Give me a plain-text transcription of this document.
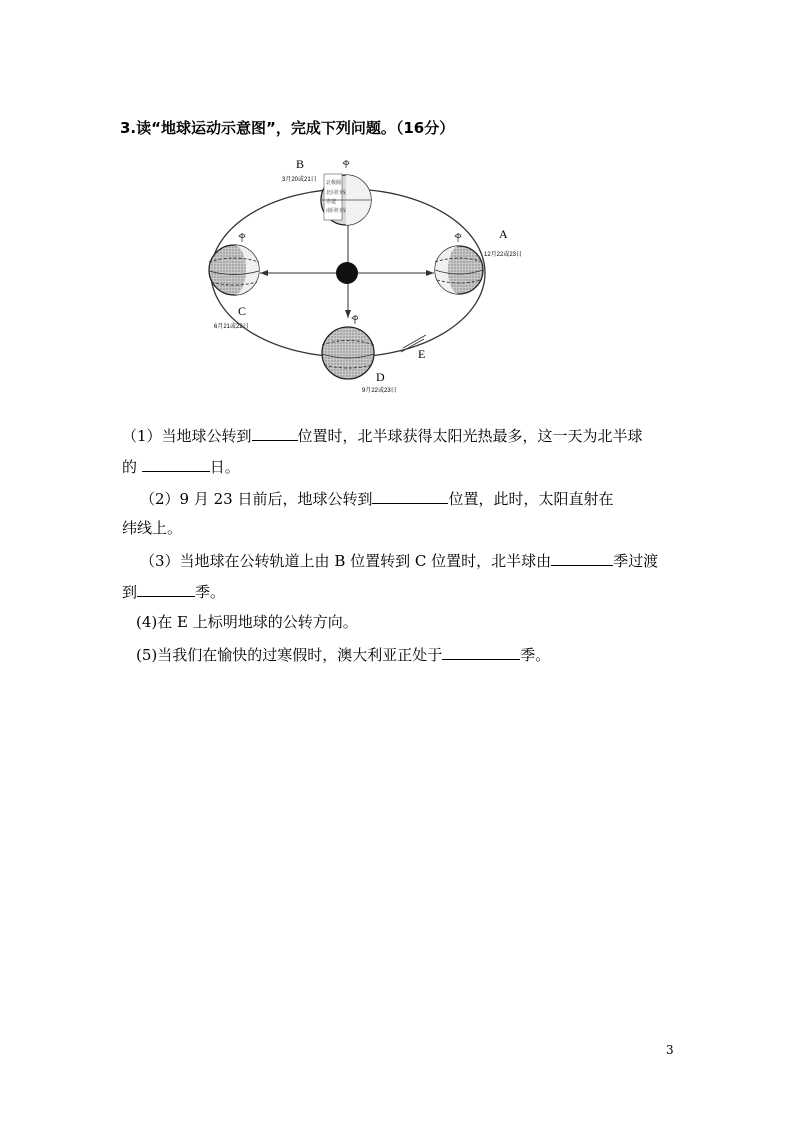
3.读“地球运动示意图”，完成下列问题。（16分）
北极圈
北回归线
赤道
南回归线
B
3月20或21日
A
12月22或23日
C
6月21或22日
D
9月22或23日
E
（1）当地球公转到	位置时，北半球获得太阳光热最多，这一天为北半球
的	日。
（2）9 月 23 日前后，地球公转到	位置，此时，太阳直射在
纬线上。
（3）当地球在公转轨道上由 B 位置转到 C 位置时，北半球由	季过渡
到	季。
(4)在 E 上标明地球的公转方向。
(5)当我们在愉快的过寒假时，澳大利亚正处于	季。
3
